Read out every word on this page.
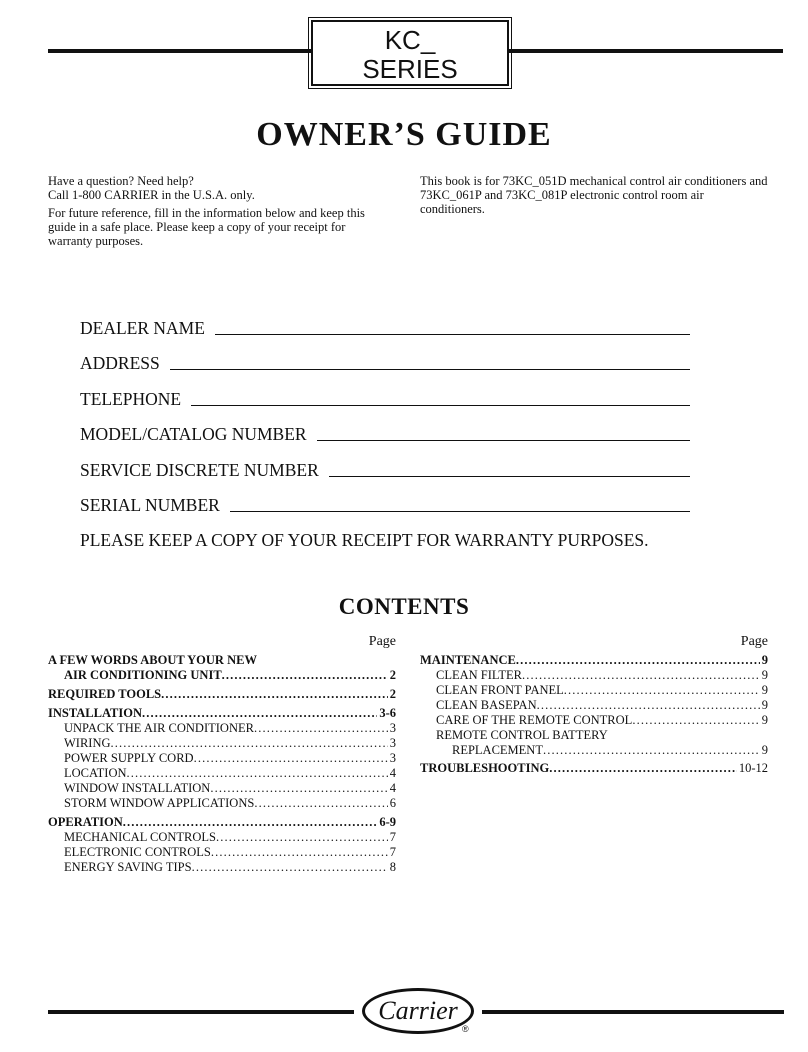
KC_
SERIES
OWNER’S GUIDE

Have a question? Need help?

Call 1-800 CARRIER in the U.S.A. only.

For future reference, fill in the information below and keep this guide in a safe place. Please keep a copy of your receipt for warranty purposes.

This book is for 73KC_051D mechanical control air conditioners and 73KC_061P and 73KC_081P electronic control room air conditioners.

DEALER NAME
ADDRESS
TELEPHONE
MODEL/CATALOG NUMBER
SERVICE DISCRETE NUMBER
SERIAL NUMBER
PLEASE KEEP A COPY OF YOUR RECEIPT FOR WARRANTY PURPOSES.
CONTENTS
Page
A FEW WORDS ABOUT YOUR NEW
AIR CONDITIONING UNIT . . .	2
REQUIRED TOOLS . . .	2
INSTALLATION . . .	3-6
UNPACK THE AIR CONDITIONER . . .	3
WIRING . . .	3
POWER SUPPLY CORD . . .	3
LOCATION . . .	4
WINDOW INSTALLATION . . .	4
STORM WINDOW APPLICATIONS . . .	6
OPERATION . . .	6-9
MECHANICAL CONTROLS . . .	7
ELECTRONIC CONTROLS . . .	7
ENERGY SAVING TIPS . . .	8
Page
MAINTENANCE . . .	9
CLEAN FILTER . . .	9
CLEAN FRONT PANEL . . .	9
CLEAN BASEPAN . . .	9
CARE OF THE REMOTE CONTROL . . .	9
REMOTE CONTROL BATTERY
REPLACEMENT . . .	9
TROUBLESHOOTING . . .	10-12
Carrier
®
